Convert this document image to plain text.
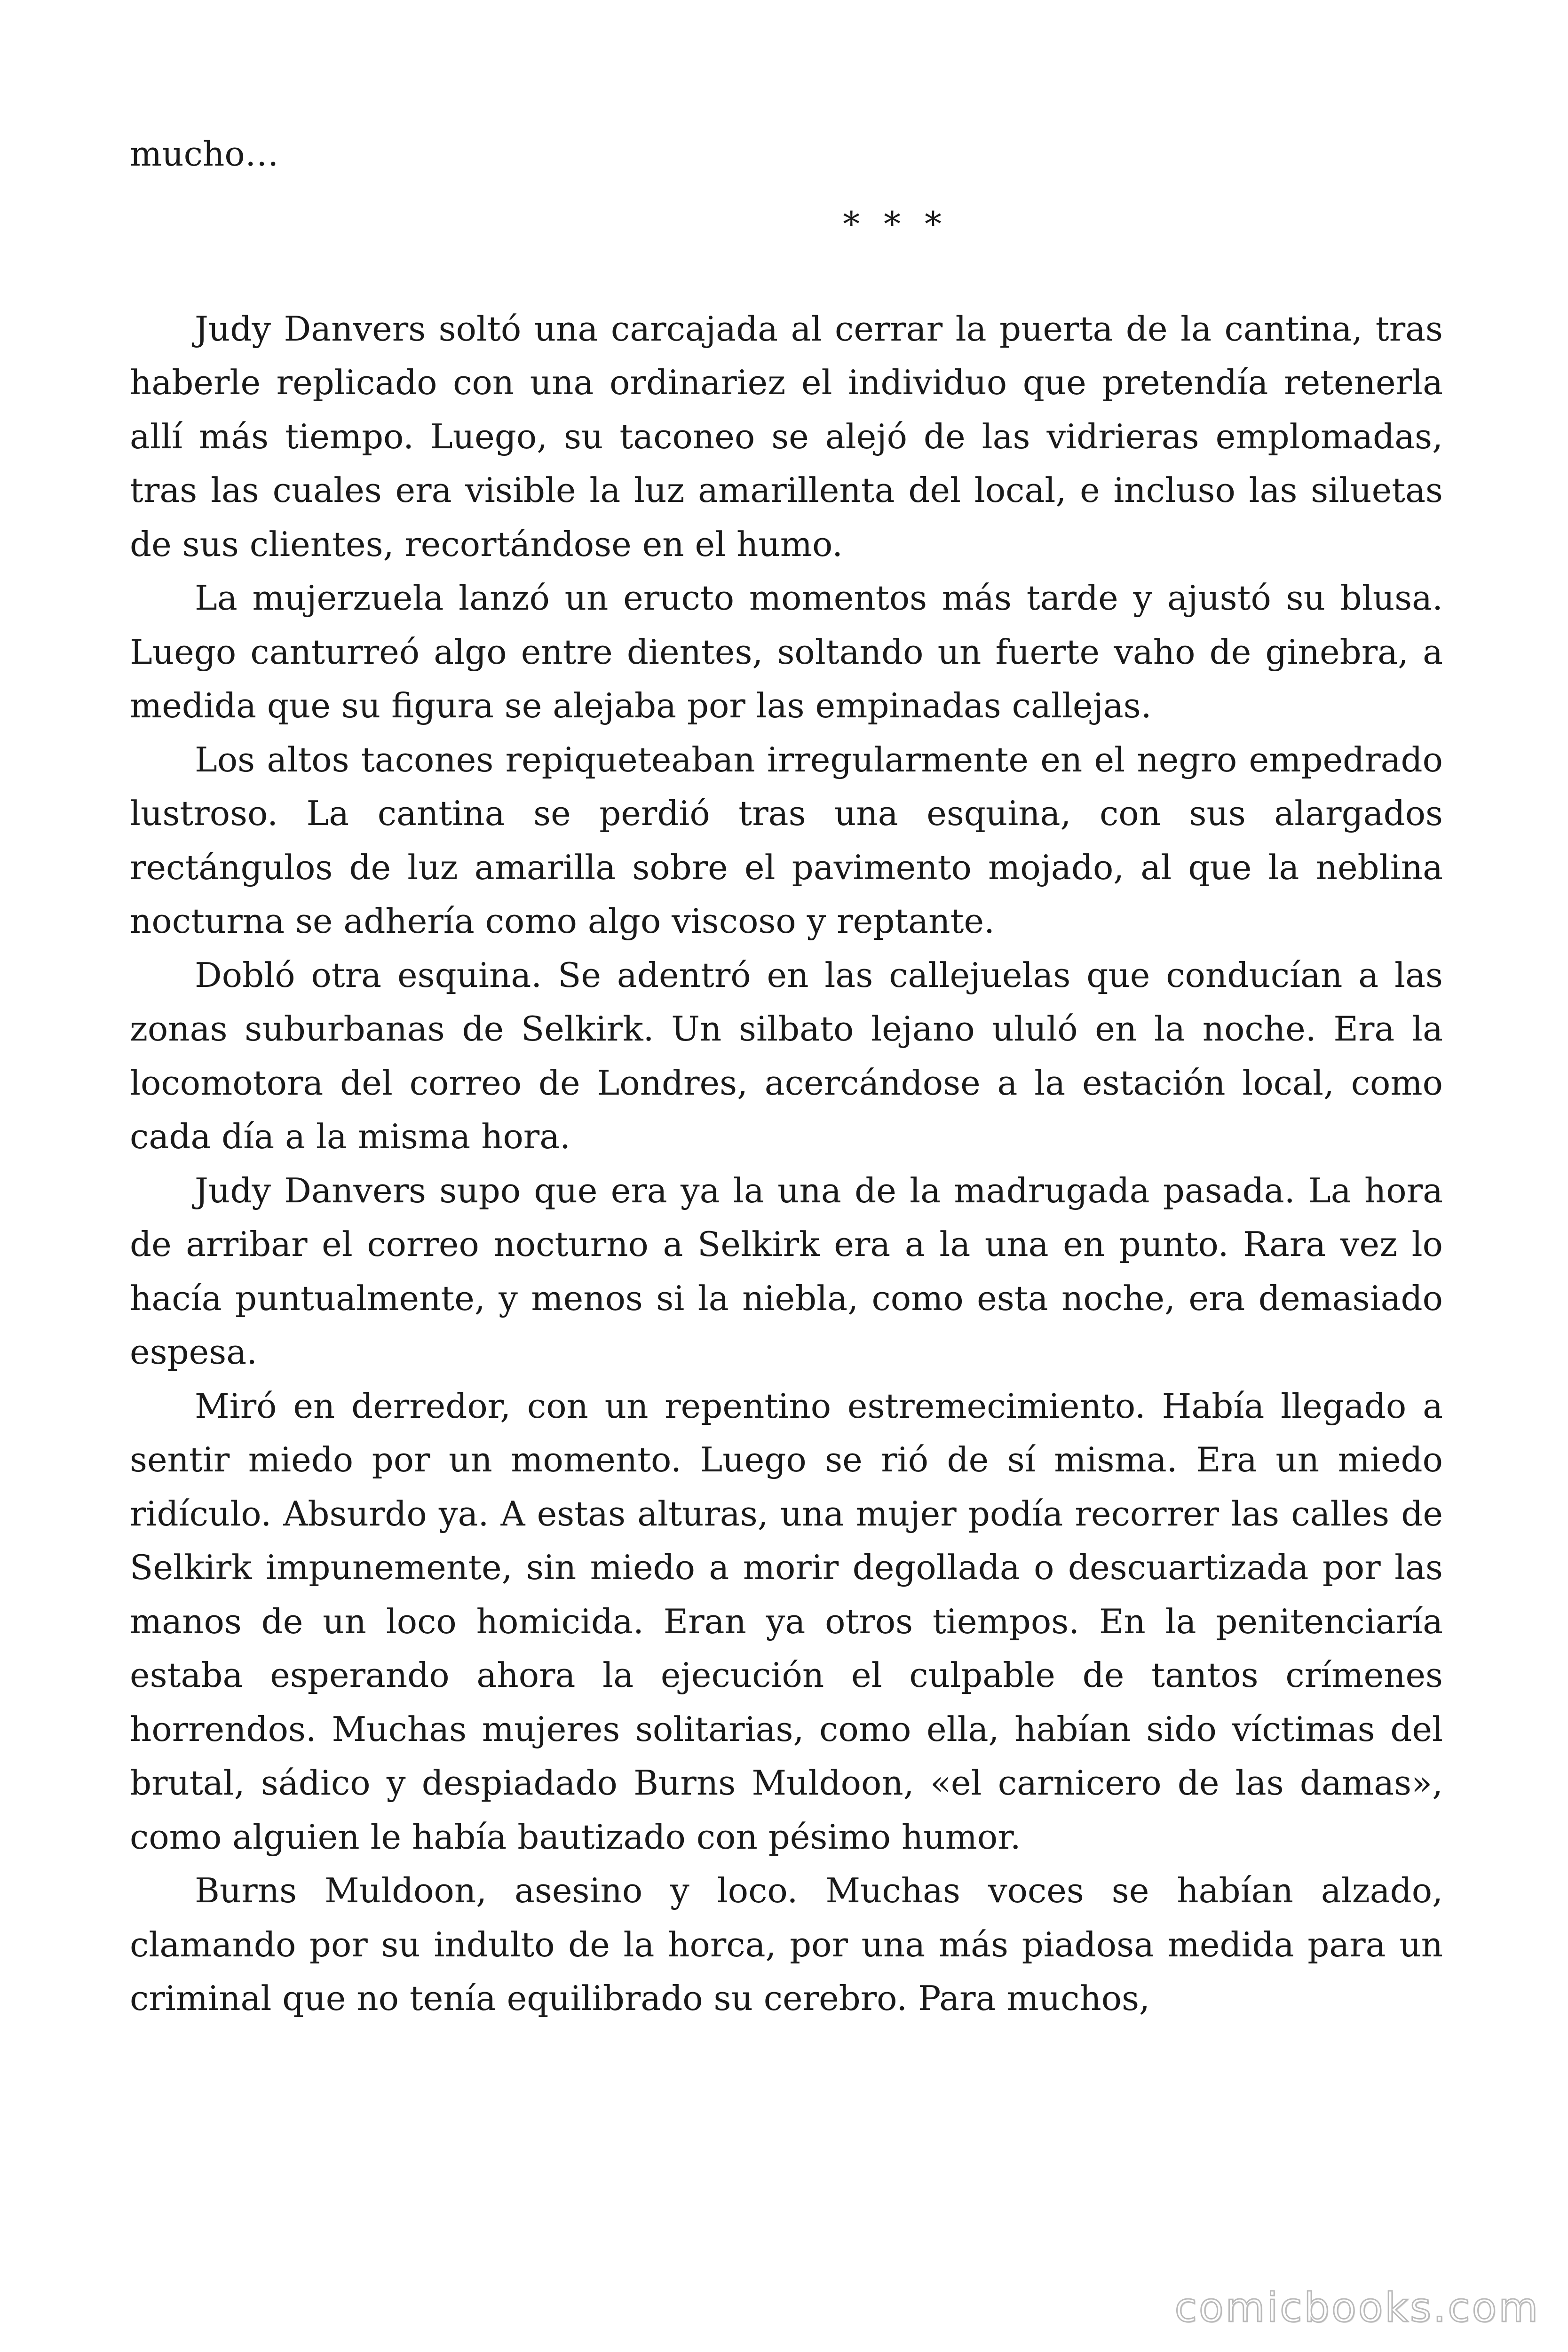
mucho…

* * *

Judy Danvers soltó una carcajada al cerrar la puerta de la cantina, tras haberle replicado con una ordinariez el individuo que pretendía retenerla allí más tiempo. Luego, su taconeo se alejó de las vidrieras emplomadas, tras las cuales era visible la luz amarillenta del local, e incluso las siluetas de sus clientes, recortándose en el humo.

La mujerzuela lanzó un eructo momentos más tarde y ajustó su blusa. Luego canturreó algo entre dientes, soltando un fuerte vaho de ginebra, a medida que su figura se alejaba por las empinadas callejas.

Los altos tacones repiqueteaban irregularmente en el negro empedrado lustroso. La cantina se perdió tras una esquina, con sus alargados rectángulos de luz amarilla sobre el pavimento mojado, al que la neblina nocturna se adhería como algo viscoso y reptante.

Dobló otra esquina. Se adentró en las callejuelas que conducían a las zonas suburbanas de Selkirk. Un silbato lejano ululó en la noche. Era la locomotora del correo de Londres, acercándose a la estación local, como cada día a la misma hora.

Judy Danvers supo que era ya la una de la madrugada pasada. La hora de arribar el correo nocturno a Selkirk era a la una en punto. Rara vez lo hacía puntualmente, y menos si la niebla, como esta noche, era demasiado espesa.

Miró en derredor, con un repentino estremecimiento. Había llegado a sentir miedo por un momento. Luego se rió de sí misma. Era un miedo ridículo. Absurdo ya. A estas alturas, una mujer podía recorrer las calles de Selkirk impunemente, sin miedo a morir degollada o descuartizada por las manos de un loco homicida. Eran ya otros tiempos. En la penitenciaría estaba esperando ahora la ejecución el culpable de tantos crímenes horrendos. Muchas mujeres solitarias, como ella, habían sido víctimas del brutal, sádico y despiadado Burns Muldoon, «el carnicero de las damas», como alguien le había bautizado con pésimo humor.

Burns Muldoon, asesino y loco. Muchas voces se habían alzado, clamando por su indulto de la horca, por una más piadosa medida para un criminal que no tenía equilibrado su cerebro. Para muchos,

comicbooks.com
